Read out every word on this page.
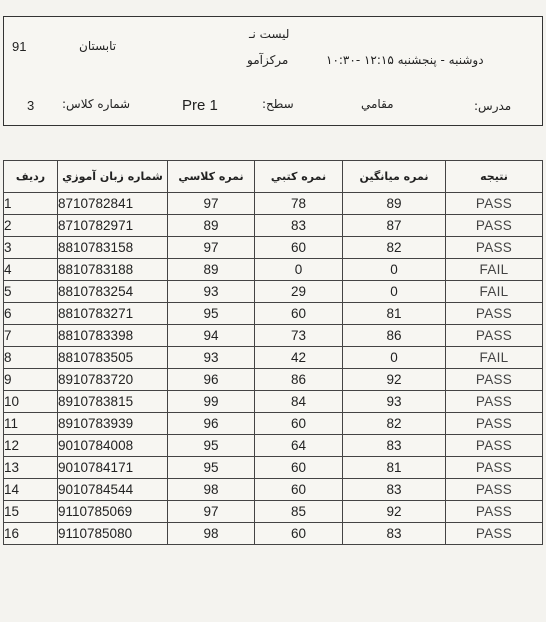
لیست نـ
مرکزآمو
تابستان
91
دوشنبه - پنجشنبه ۱۲:۱۵ -۱۰:۳۰
شماره کلاس:
3	سطح:
Pre 1	مقامي	مدرس:
ردیف	شماره زبان آموزي	نمره كلاسي	نمره كتبي	نمره میانگین	نتيجه
1	8710782841	97	78	89	PASS
2	8710782971	89	83	87	PASS
3	8810783158	97	60	82	PASS
4	8810783188	89	0	0	FAIL
5	8810783254	93	29	0	FAIL
6	8810783271	95	60	81	PASS
7	8810783398	94	73	86	PASS
8	8810783505	93	42	0	FAIL
9	8910783720	96	86	92	PASS
10	8910783815	99	84	93	PASS
11	8910783939	96	60	82	PASS
12	9010784008	95	64	83	PASS
13	9010784171	95	60	81	PASS
14	9010784544	98	60	83	PASS
15	9110785069	97	85	92	PASS
16	9110785080	98	60	83	PASS
